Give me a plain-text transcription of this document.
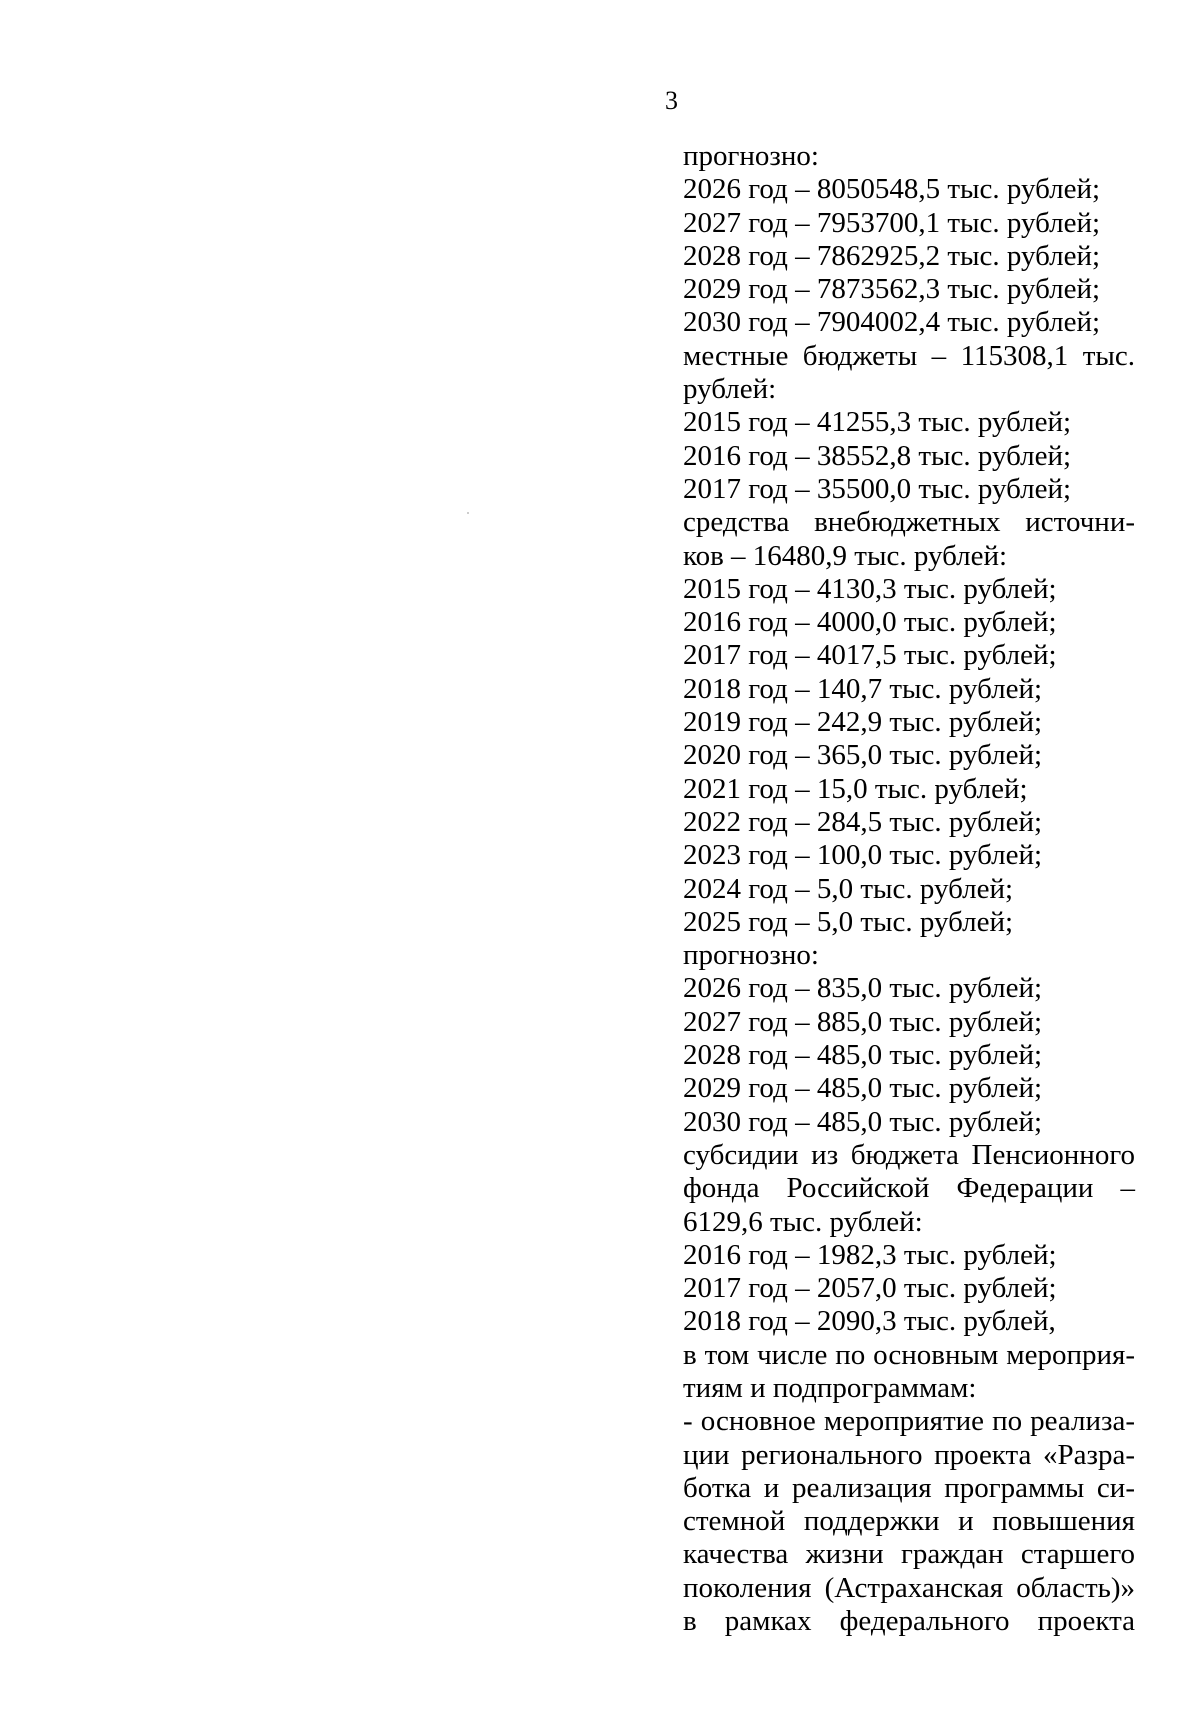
3
прогнозно:
2026 год – 8050548,5 тыс. рублей;
2027 год – 7953700,1 тыс. рублей;
2028 год – 7862925,2 тыс. рублей;
2029 год – 7873562,3 тыс. рублей;
2030 год – 7904002,4 тыс. рублей;
местные бюджеты – 115308,1 тыс.
рублей:
2015 год – 41255,3 тыс. рублей;
2016 год – 38552,8 тыс. рублей;
2017 год – 35500,0 тыс. рублей;
средства внебюджетных источни-
ков – 16480,9 тыс. рублей:
2015 год – 4130,3 тыс. рублей;
2016 год – 4000,0 тыс. рублей;
2017 год – 4017,5 тыс. рублей;
2018 год – 140,7 тыс. рублей;
2019 год – 242,9 тыс. рублей;
2020 год – 365,0 тыс. рублей;
2021 год – 15,0 тыс. рублей;
2022 год – 284,5 тыс. рублей;
2023 год – 100,0 тыс. рублей;
2024 год – 5,0 тыс. рублей;
2025 год – 5,0 тыс. рублей;
прогнозно:
2026 год – 835,0 тыс. рублей;
2027 год – 885,0 тыс. рублей;
2028 год – 485,0 тыс. рублей;
2029 год – 485,0 тыс. рублей;
2030 год – 485,0 тыс. рублей;
субсидии из бюджета Пенсионного
фонда Российской Федерации –
6129,6 тыс. рублей:
2016 год – 1982,3 тыс. рублей;
2017 год – 2057,0 тыс. рублей;
2018 год – 2090,3 тыс. рублей,
в том числе по основным мероприя-
тиям и подпрограммам:
- основное мероприятие по реализа-
ции регионального проекта «Разра-
ботка и реализация программы си-
стемной поддержки и повышения
качества жизни граждан старшего
поколения (Астраханская область)»
в рамках федерального проекта
